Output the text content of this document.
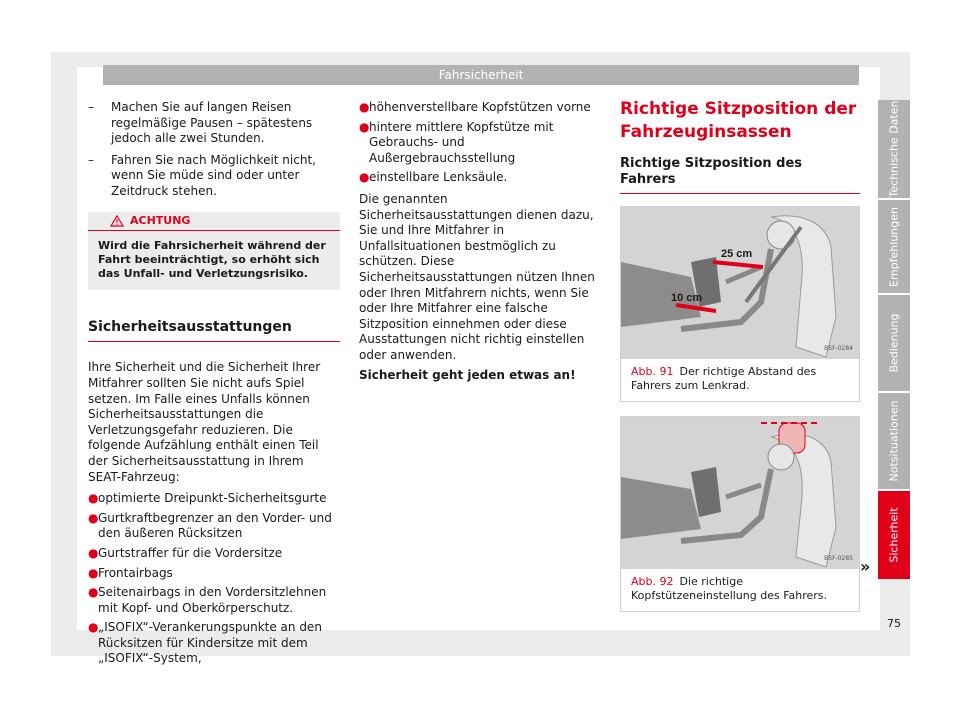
Fahrsicherheit
– Machen Sie auf langen Reisen regelmäßige Pausen – spätestens jedoch alle zwei Stunden.
– Fahren Sie nach Möglichkeit nicht, wenn Sie müde sind oder unter Zeitdruck stehen.
ACHTUNG
Wird die Fahrsicherheit während der Fahrt beeinträchtigt, so erhöht sich das Unfall- und Verletzungsrisiko.
Sicherheitsausstattungen
Ihre Sicherheit und die Sicherheit Ihrer Mitfahrer sollten Sie nicht aufs Spiel setzen. Im Falle eines Unfalls können Sicherheitsausstattungen die Verletzungsgefahr reduzieren. Die folgende Aufzählung enthält einen Teil der Sicherheitsausstattung in Ihrem SEAT-Fahrzeug:
● optimierte Dreipunkt-Sicherheitsgurte
● Gurtkraftbegrenzer an den Vorder- und den äußeren Rücksitzen
● Gurtstraffer für die Vordersitze
● Frontairbags
● Seitenairbags in den Vordersitzlehnen mit Kopf- und Oberkörperschutz.
● „ISOFIX“-Verankerungspunkte an den Rücksitzen für Kindersitze mit dem „ISOFIX“-System,
● höhenverstellbare Kopfstützen vorne
● hintere mittlere Kopfstütze mit Gebrauchs- und Außergebrauchsstellung
● einstellbare Lenksäule.
Die genannten Sicherheitsausstattungen dienen dazu, Sie und Ihre Mitfahrer in Unfallsituationen bestmöglich zu schützen. Diese Sicherheitsausstattungen nützen Ihnen oder Ihren Mitfahrern nichts, wenn Sie oder Ihre Mitfahrer eine falsche Sitzposition einnehmen oder diese Ausstattungen nicht richtig einstellen oder anwenden.
Sicherheit geht jeden etwas an!
Richtige Sitzposition der Fahrzeuginsassen
Richtige Sitzposition des Fahrers
25 cm
10 cm
B5F-0284
Abb. 91 Der richtige Abstand des Fahrers zum Lenkrad.
B5F-0285
Abb. 92 Die richtige Kopfstützeneinstellung des Fahrers.
»
Technische Daten
Empfehlungen
Bedienung
Notsituationen
Sicherheit
75
